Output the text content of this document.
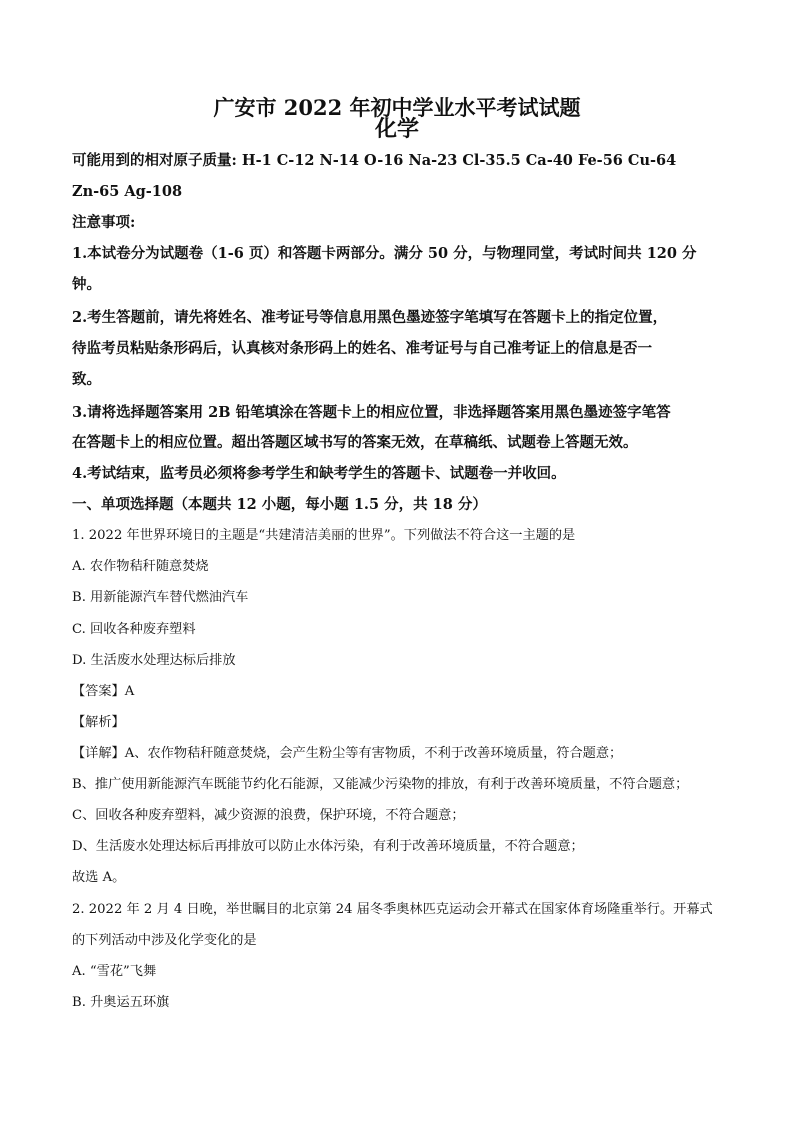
广安市 2022 年初中学业水平考试试题
化学
可能用到的相对原子质量: H-1 C-12 N-14 O-16 Na-23 Cl-35.5 Ca-40 Fe-56 Cu-64
Zn-65 Ag-108
注意事项:
1.本试卷分为试题卷（1-6 页）和答题卡两部分。满分 50 分，与物理同堂，考试时间共 120 分
钟。
2.考生答题前，请先将姓名、准考证号等信息用黑色墨迹签字笔填写在答题卡上的指定位置，
待监考员粘贴条形码后，认真核对条形码上的姓名、准考证号与自己准考证上的信息是否一
致。
3.请将选择题答案用 2B 铅笔填涂在答题卡上的相应位置，非选择题答案用黑色墨迹签字笔答
在答题卡上的相应位置。超出答题区域书写的答案无效，在草稿纸、试题卷上答题无效。
4.考试结束，监考员必须将参考学生和缺考学生的答题卡、试题卷一并收回。
一、单项选择题（本题共 12 小题，每小题 1.5 分，共 18 分）
1. 2022 年世界环境日的主题是“共建清洁美丽的世界”。下列做法不符合这一主题的是
A. 农作物秸秆随意焚烧
B. 用新能源汽车替代燃油汽车
C. 回收各种废弃塑料
D. 生活废水处理达标后排放
【答案】A
【解析】
【详解】A、农作物秸秆随意焚烧，会产生粉尘等有害物质，不利于改善环境质量，符合题意；
B、推广使用新能源汽车既能节约化石能源，又能减少污染物的排放，有利于改善环境质量，不符合题意；
C、回收各种废弃塑料，减少资源的浪费，保护环境，不符合题意；
D、生活废水处理达标后再排放可以防止水体污染，有利于改善环境质量，不符合题意；
故选 A。
2. 2022 年 2 月 4 日晚，举世瞩目的北京第 24 届冬季奥林匹克运动会开幕式在国家体育场隆重举行。开幕式
的下列活动中涉及化学变化的是
A. “雪花”飞舞
B. 升奥运五环旗
